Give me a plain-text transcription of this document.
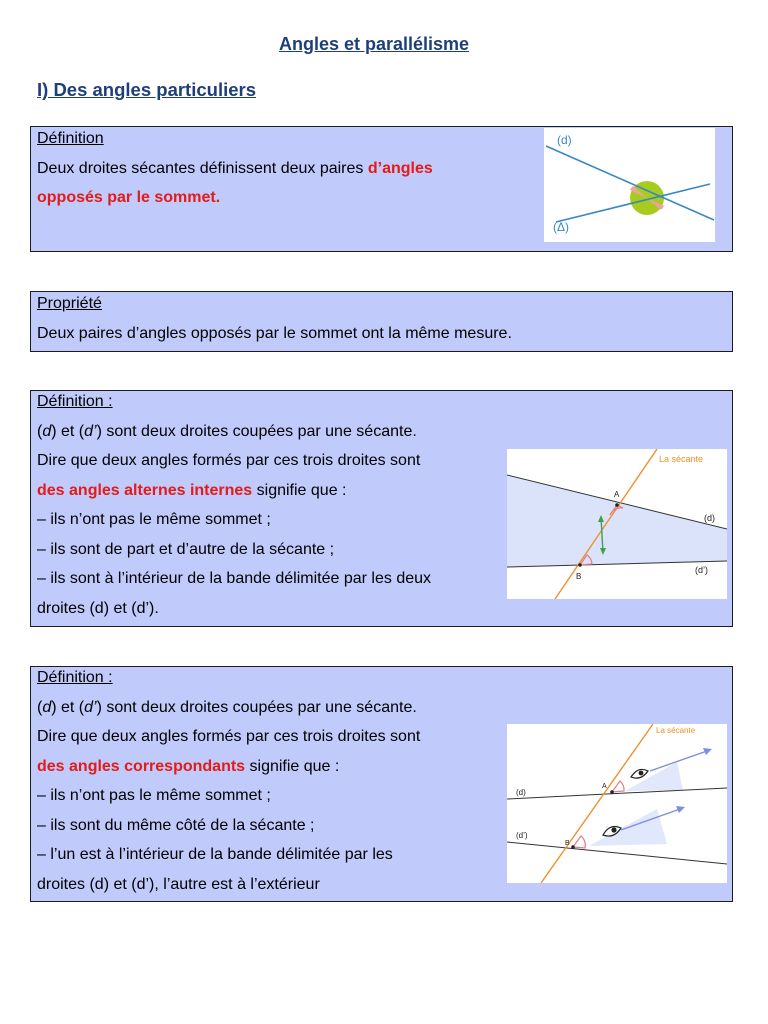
Angles et parallélisme
I) Des angles particuliers
Définition
Deux droites sécantes définissent deux paires d’angles
opposés par le sommet.
(d)
(Δ)
Propriété
Deux paires d’angles opposés par le sommet ont la même mesure.
Définition :
(d) et (d’) sont deux droites coupées par une sécante.
Dire que deux angles formés par ces trois droites sont
des angles alternes internes signifie que :
– ils n’ont pas le même sommet ;
– ils sont de part et d’autre de la sécante ;
– ils sont à l’intérieur de la bande délimitée par les deux
droites (d) et (d’).
La sécante
A
B
(d)
(d’)
Définition :
(d) et (d’) sont deux droites coupées par une sécante.
Dire que deux angles formés par ces trois droites sont
des angles correspondants signifie que :
– ils n’ont pas le même sommet ;
– ils sont du même côté de la sécante ;
– l’un est à l’intérieur de la bande délimitée par les
droites (d) et (d’), l’autre est à l’extérieur
La sécante
A
B
(d)
(d’)
